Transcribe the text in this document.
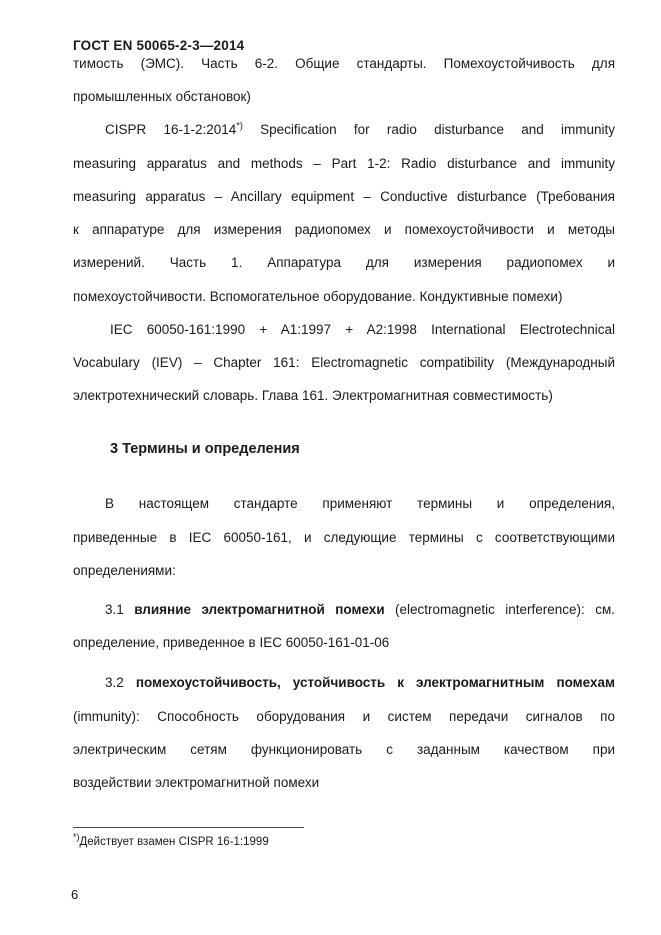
ГОСТ EN 50065-2-3—2014
тимость (ЭМС). Часть 6-2. Общие стандарты. Помехоустойчивость для
промышленных обстановок)
CISPR 16-1-2:2014*) Specification for radio disturbance and immunity
measuring apparatus and methods – Part 1-2: Radio disturbance and immunity
measuring apparatus – Ancillary equipment – Conductive disturbance (Требования
к аппаратуре для измерения радиопомех и помехоустойчивости и методы
измерений. Часть 1. Аппаратура для измерения радиопомех и
помехоустойчивости. Вспомогательное оборудование. Кондуктивные помехи)
IEC 60050-161:1990 + A1:1997 + A2:1998 International Electrotechnical
Vocabulary (IEV) – Chapter 161: Electromagnetic compatibility (Международный
электротехнический словарь. Глава 161. Электромагнитная совместимость)
3 Термины и определения
В настоящем стандарте применяют термины и определения,
приведенные в IEC 60050-161, и следующие термины с соответствующими
определениями:
3.1 влияние электромагнитной помехи (electromagnetic interference): см.
определение, приведенное в IEC 60050-161-01-06
3.2 помехоустойчивость, устойчивость к электромагнитным помехам
(immunity): Способность оборудования и систем передачи сигналов по
электрическим сетям функционировать с заданным качеством при
воздействии электромагнитной помехи
*)Действует взамен CISPR 16-1:1999
6
